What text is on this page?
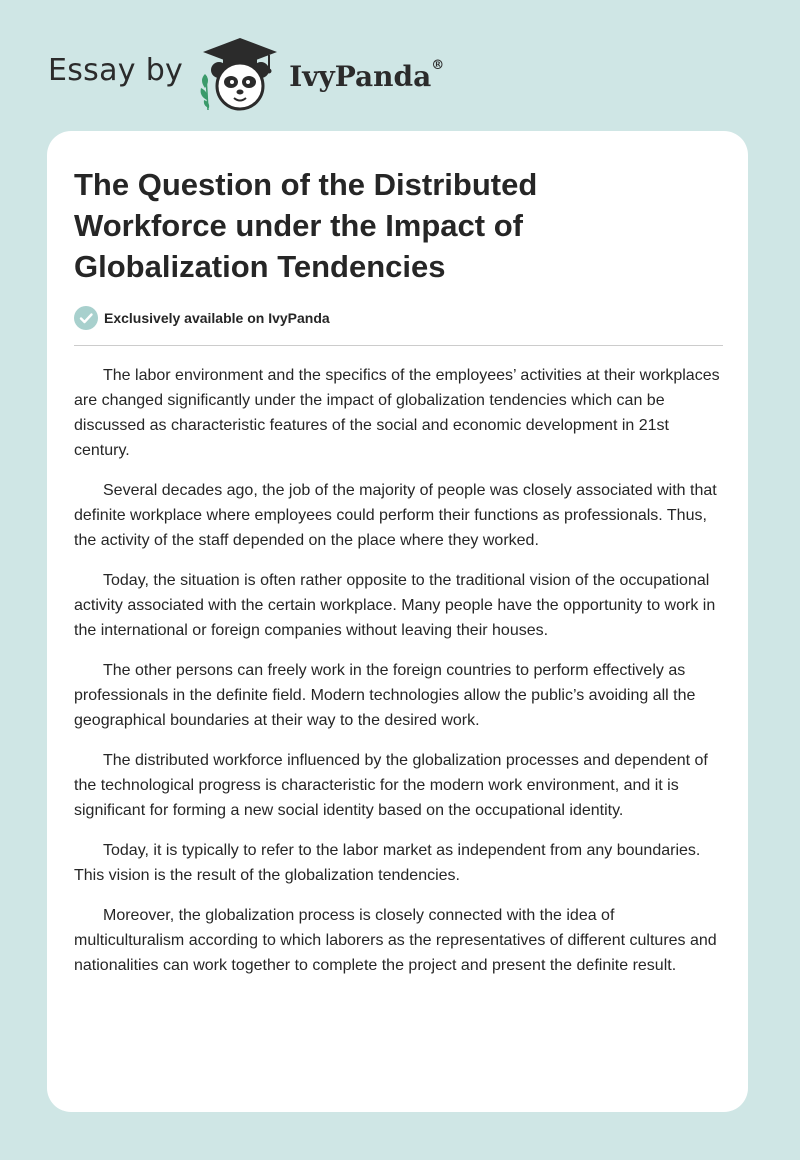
Essay by	IvyPanda®
The Question of the Distributed Workforce under the Impact of Globalization Tendencies
Exclusively available on IvyPanda

The labor environment and the specifics of the employees’ activities at their workplaces are changed significantly under the impact of globalization tendencies which can be discussed as characteristic features of the social and economic development in 21st century.

Several decades ago, the job of the majority of people was closely associated with that definite workplace where employees could perform their functions as professionals. Thus, the activity of the staff depended on the place where they worked.

Today, the situation is often rather opposite to the traditional vision of the occupational activity associated with the certain workplace. Many people have the opportunity to work in the international or foreign companies without leaving their houses.

The other persons can freely work in the foreign countries to perform effectively as professionals in the definite field. Modern technologies allow the public’s avoiding all the geographical boundaries at their way to the desired work.

The distributed workforce influenced by the globalization processes and dependent of the technological progress is characteristic for the modern work environment, and it is significant for forming a new social identity based on the occupational identity.

Today, it is typically to refer to the labor market as independent from any boundaries. This vision is the result of the globalization tendencies.

Moreover, the globalization process is closely connected with the idea of multiculturalism according to which laborers as the representatives of different cultures and nationalities can work together to complete the project and present the definite result.
